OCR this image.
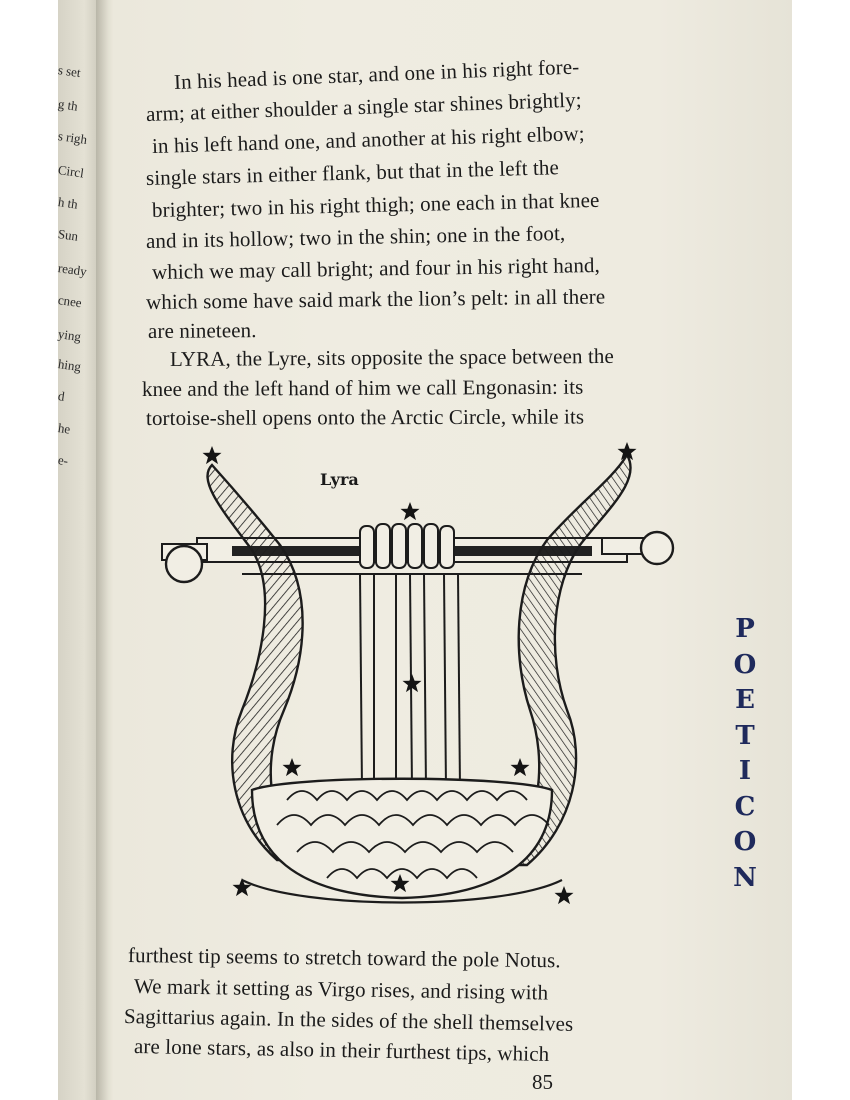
s set
g th
s righ
Circl
h th
Sun
ready
cnee
ying
hing
d
he
e-
In his head is one star, and one in his right fore-
arm; at either shoulder a single star shines brightly;
in his left hand one, and another at his right elbow;
single stars in either flank, but that in the left the
brighter; two in his right thigh; one each in that knee
and in its hollow; two in the shin; one in the foot,
which we may call bright; and four in his right hand,
which some have said mark the lion’s pelt: in all there
are nineteen.
LYRA, the Lyre, sits opposite the space between the
knee and the left hand of him we call Engonasin: its
tortoise-shell opens onto the Arctic Circle, while its
Lyra
furthest tip seems to stretch toward the pole Notus.
We mark it setting as Virgo rises, and rising with
Sagittarius again. In the sides of the shell themselves
are lone stars, as also in their furthest tips, which
P
O
E
T
I
C
O
N
85
